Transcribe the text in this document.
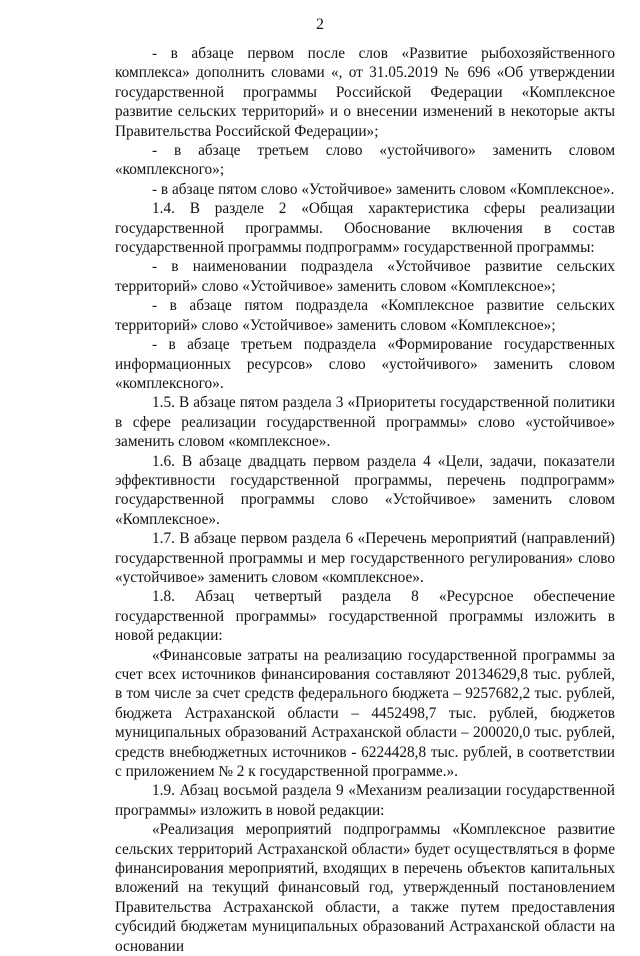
2

- в абзаце первом после слов «Развитие рыбохозяйственного комплекса» дополнить словами «, от 31.05.2019 № 696 «Об утверждении государственной программы Российской Федерации «Комплексное развитие сельских территорий» и о внесении изменений в некоторые акты Правительства Российской Федерации»;

- в абзаце третьем слово «устойчивого» заменить словом «комплексного»;

- в абзаце пятом слово «Устойчивое» заменить словом «Комплексное».

1.4. В разделе 2 «Общая характеристика сферы реализации государственной программы. Обоснование включения в состав государственной программы подпрограмм» государственной программы:

- в наименовании подраздела «Устойчивое развитие сельских территорий» слово «Устойчивое» заменить словом «Комплексное»;

- в абзаце пятом подраздела «Комплексное развитие сельских территорий» слово «Устойчивое» заменить словом «Комплексное»;

- в абзаце третьем подраздела «Формирование государственных информационных ресурсов» слово «устойчивого» заменить словом «комплексного».

1.5. В абзаце пятом раздела 3 «Приоритеты государственной политики в сфере реализации государственной программы» слово «устойчивое» заменить словом «комплексное».

1.6. В абзаце двадцать первом раздела 4 «Цели, задачи, показатели эффективности государственной программы, перечень подпрограмм» государственной программы слово «Устойчивое» заменить словом «Комплексное».

1.7. В абзаце первом раздела 6 «Перечень мероприятий (направлений) государственной программы и мер государственного регулирования» слово «устойчивое» заменить словом «комплексное».

1.8. Абзац четвертый раздела 8 «Ресурсное обеспечение государственной программы» государственной программы изложить в новой редакции:

«Финансовые затраты на реализацию государственной программы за счет всех источников финансирования составляют 20134629,8 тыс. рублей, в том числе за счет средств федерального бюджета – 9257682,2 тыс. рублей, бюджета Астраханской области – 4452498,7 тыс. рублей, бюджетов муниципальных образований Астраханской области – 200020,0 тыс. рублей, средств внебюджетных источников - 6224428,8 тыс. рублей, в соответствии с приложением № 2 к государственной программе.».

1.9. Абзац восьмой раздела 9 «Механизм реализации государственной программы» изложить в новой редакции:

«Реализация мероприятий подпрограммы «Комплексное развитие сельских территорий Астраханской области» будет осуществляться в форме финансирования мероприятий, входящих в перечень объектов капитальных вложений на текущий финансовый год, утвержденный постановлением Правительства Астраханской области, а также путем предоставления субсидий бюджетам муниципальных образований Астраханской области на основании
